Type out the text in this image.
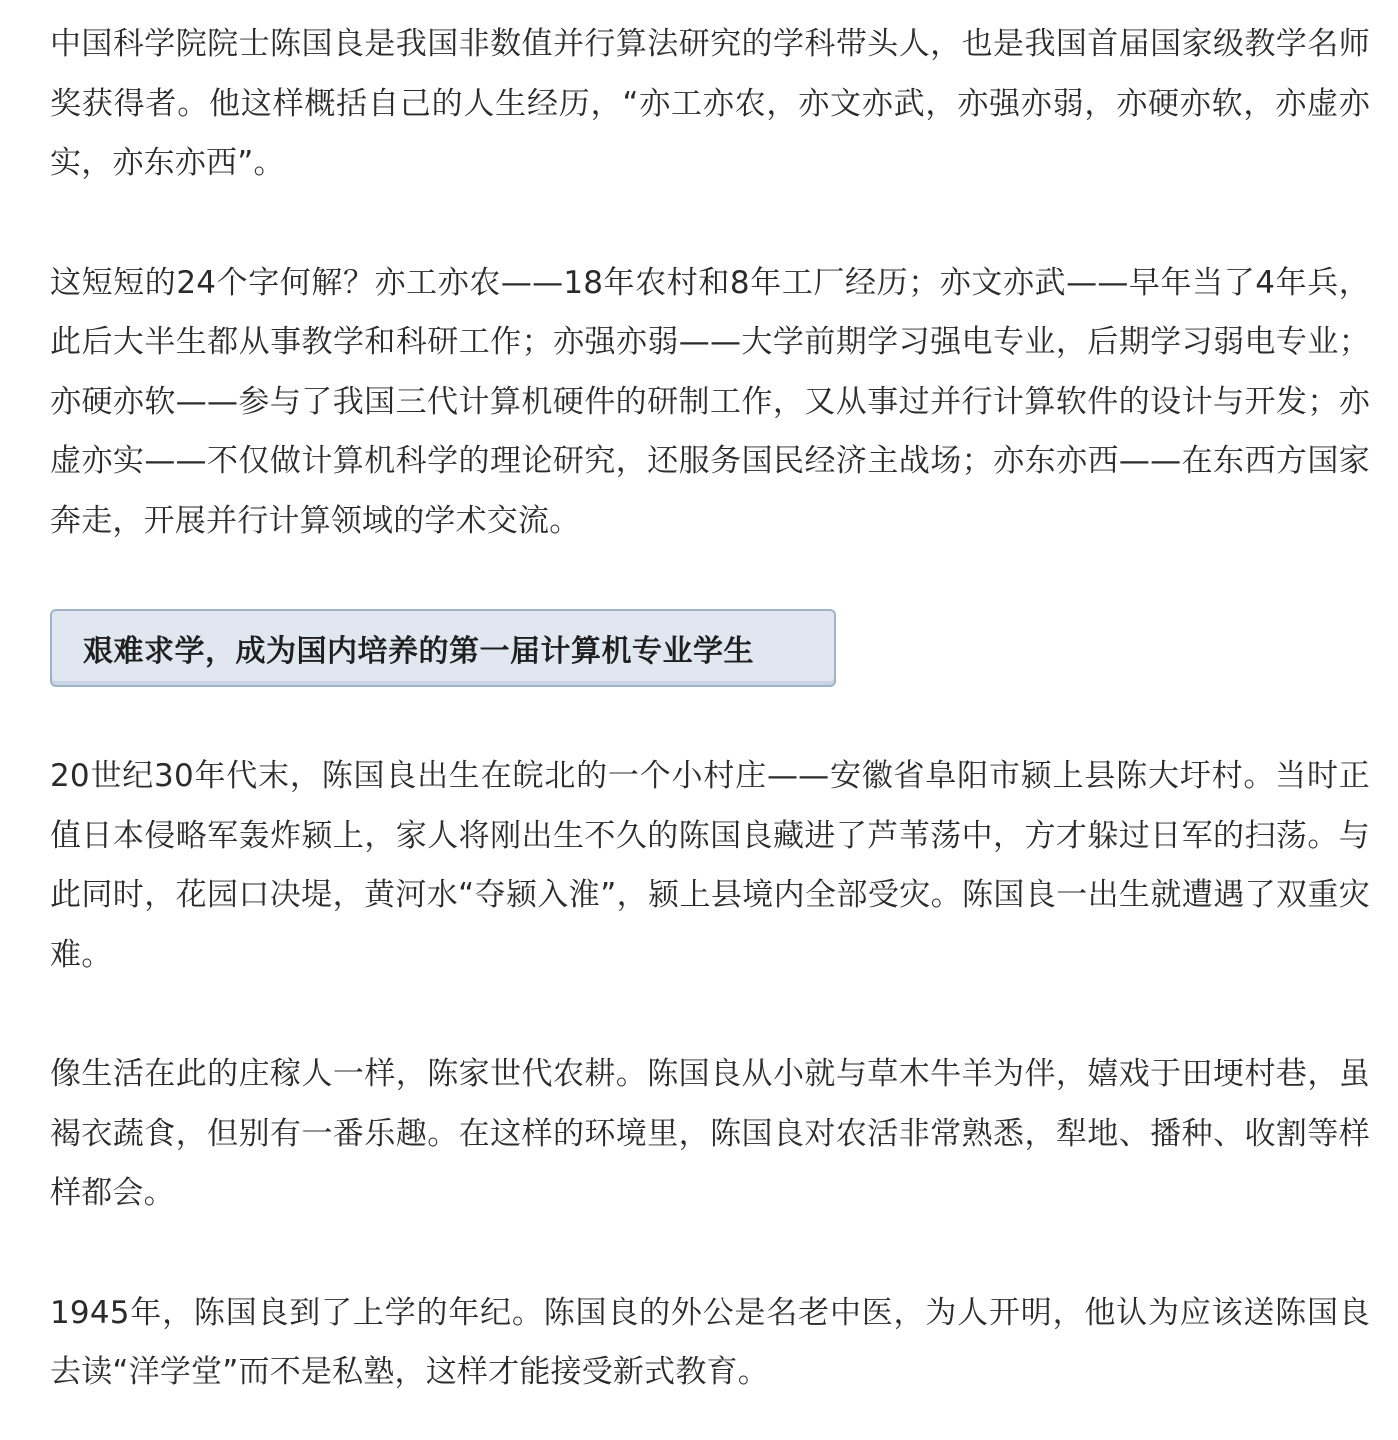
中国科学院院士陈国良是我国非数值并行算法研究的学科带头人，也是我国首届国家级教学名师奖获得者。他这样概括自己的人生经历，“亦工亦农，亦文亦武，亦强亦弱，亦硬亦软，亦虚亦实，亦东亦西”。

这短短的24个字何解？亦工亦农——18年农村和8年工厂经历；亦文亦武——早年当了4年兵，此后大半生都从事教学和科研工作；亦强亦弱——大学前期学习强电专业，后期学习弱电专业；亦硬亦软——参与了我国三代计算机硬件的研制工作，又从事过并行计算软件的设计与开发；亦虚亦实——不仅做计算机科学的理论研究，还服务国民经济主战场；亦东亦西——在东西方国家奔走，开展并行计算领域的学术交流。

艰难求学，成为国内培养的第一届计算机专业学生

20世纪30年代末，陈国良出生在皖北的一个小村庄——安徽省阜阳市颍上县陈大圩村。当时正值日本侵略军轰炸颍上，家人将刚出生不久的陈国良藏进了芦苇荡中，方才躲过日军的扫荡。与此同时，花园口决堤，黄河水“夺颍入淮”，颍上县境内全部受灾。陈国良一出生就遭遇了双重灾难。

像生活在此的庄稼人一样，陈家世代农耕。陈国良从小就与草木牛羊为伴，嬉戏于田埂村巷，虽褐衣蔬食，但别有一番乐趣。在这样的环境里，陈国良对农活非常熟悉，犁地、播种、收割等样样都会。

1945年，陈国良到了上学的年纪。陈国良的外公是名老中医，为人开明，他认为应该送陈国良去读“洋学堂”而不是私塾，这样才能接受新式教育。
